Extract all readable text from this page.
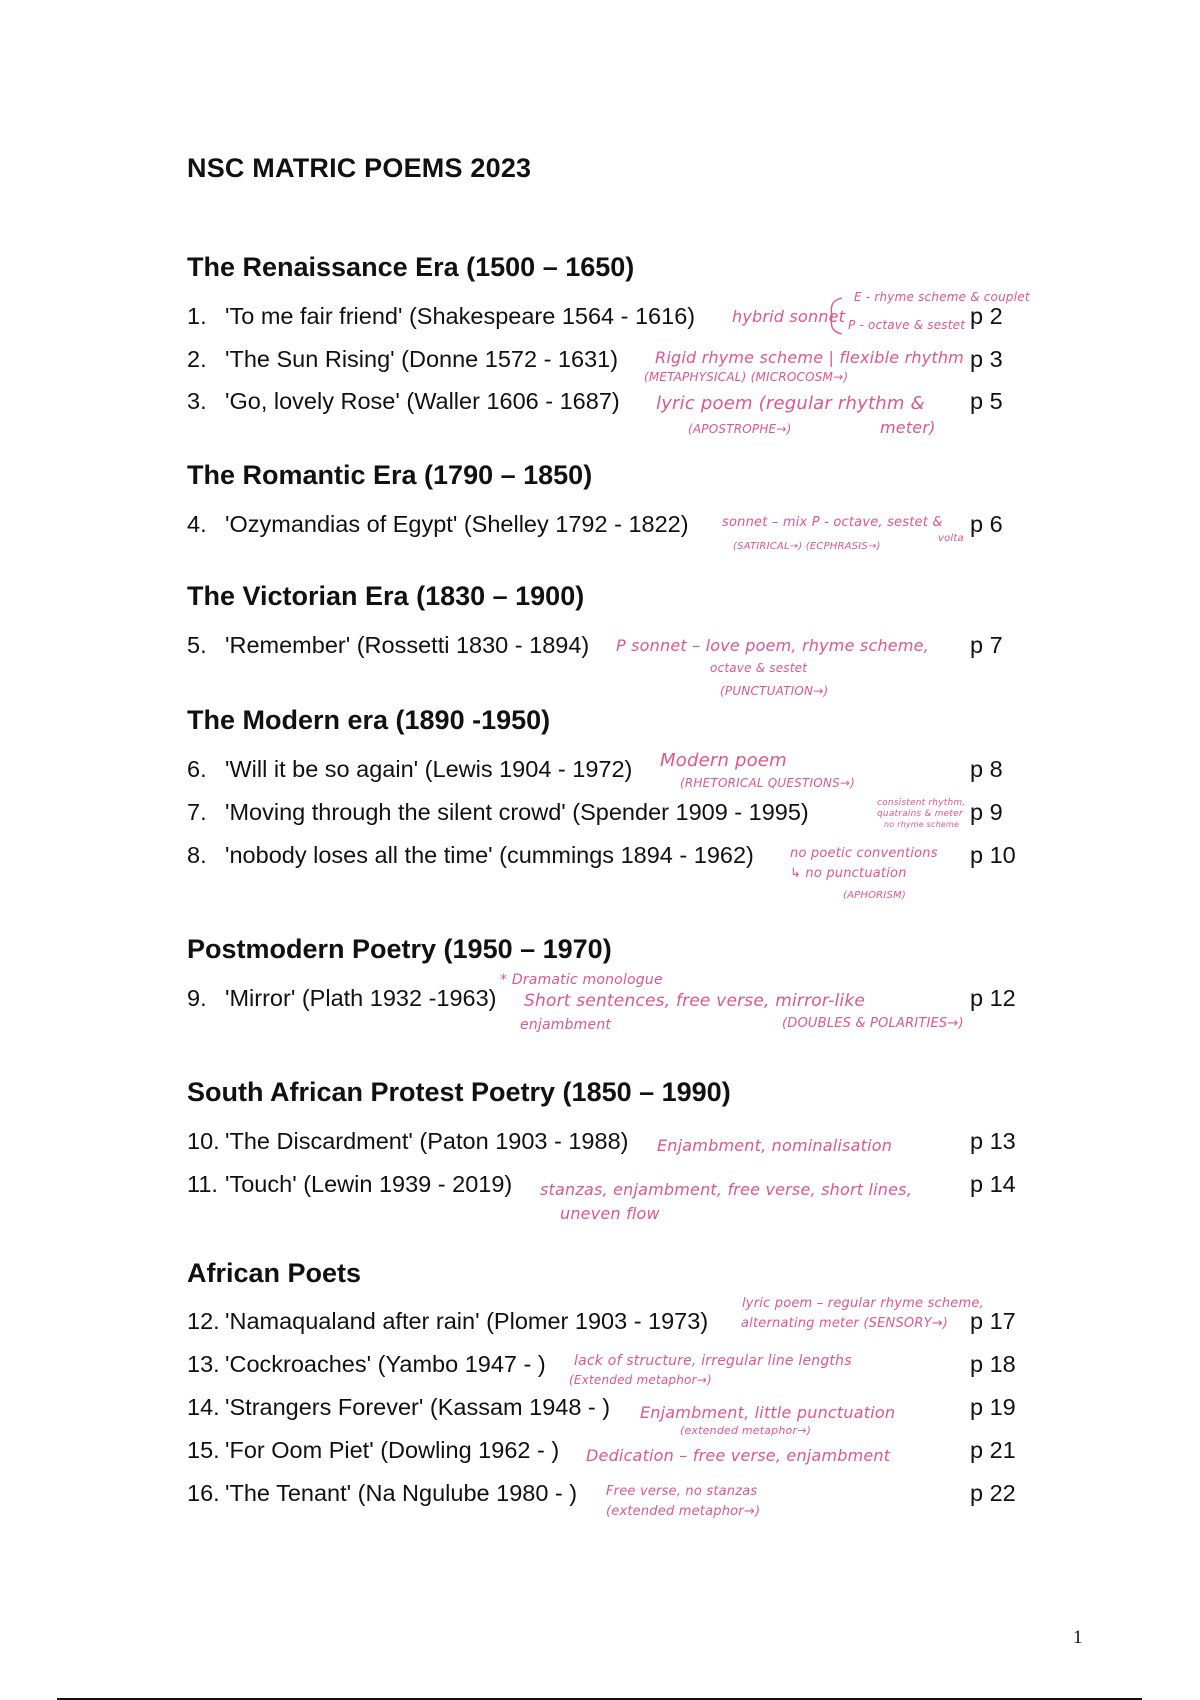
NSC MATRIC POEMS 2023
The Renaissance Era (1500 – 1650)
1. 'To me fair friend' (Shakespeare 1564 - 1616)	p 2
hybrid sonnet
E - rhyme scheme & couplet
P - octave & sestet
2. 'The Sun Rising' (Donne 1572 - 1631)	p 3
Rigid rhyme scheme | flexible rhythm
(METAPHYSICAL) (MICROCOSM→)
3. 'Go, lovely Rose' (Waller 1606 - 1687)	p 5
lyric poem (regular rhythm &
(APOSTROPHE→)	meter)
The Romantic Era (1790 – 1850)
4. 'Ozymandias of Egypt' (Shelley 1792 - 1822)	p 6
sonnet – mix P - octave, sestet &
(SATIRICAL→) (ECPHRASIS→)
volta
The Victorian Era (1830 – 1900)
5. 'Remember' (Rossetti 1830 - 1894)	p 7
P sonnet – love poem, rhyme scheme,
octave & sestet
(PUNCTUATION→)
The Modern era (1890 -1950)
6. 'Will it be so again' (Lewis 1904 - 1972)	p 8
Modern poem
(RHETORICAL QUESTIONS→)
7. 'Moving through the silent crowd' (Spender 1909 - 1995)	p 9
consistent rhythm,
quatrains & meter
no rhyme scheme
8. 'nobody loses all the time' (cummings 1894 - 1962)	p 10
no poetic conventions
↳ no punctuation
(APHORISM)
Postmodern Poetry (1950 – 1970)
9. 'Mirror' (Plath 1932 -1963)	p 12
* Dramatic monologue
Short sentences, free verse, mirror-like
enjambment	(DOUBLES & POLARITIES→)
South African Protest Poetry (1850 – 1990)
10. 'The Discardment' (Paton 1903 - 1988)	p 13
Enjambment, nominalisation
11. 'Touch' (Lewin 1939 - 2019)	p 14
stanzas, enjambment, free verse, short lines,
uneven flow
African Poets
12. 'Namaqualand after rain' (Plomer 1903 - 1973)	p 17
lyric poem – regular rhyme scheme,
alternating meter (SENSORY→)
13. 'Cockroaches' (Yambo 1947 - )	p 18
lack of structure, irregular line lengths
(Extended metaphor→)
14. 'Strangers Forever' (Kassam 1948 - )	p 19
Enjambment, little punctuation
(extended metaphor→)
15. 'For Oom Piet' (Dowling 1962 - )	p 21
Dedication – free verse, enjambment
16. 'The Tenant' (Na Ngulube 1980 - )	p 22
Free verse, no stanzas
(extended metaphor→)
1
